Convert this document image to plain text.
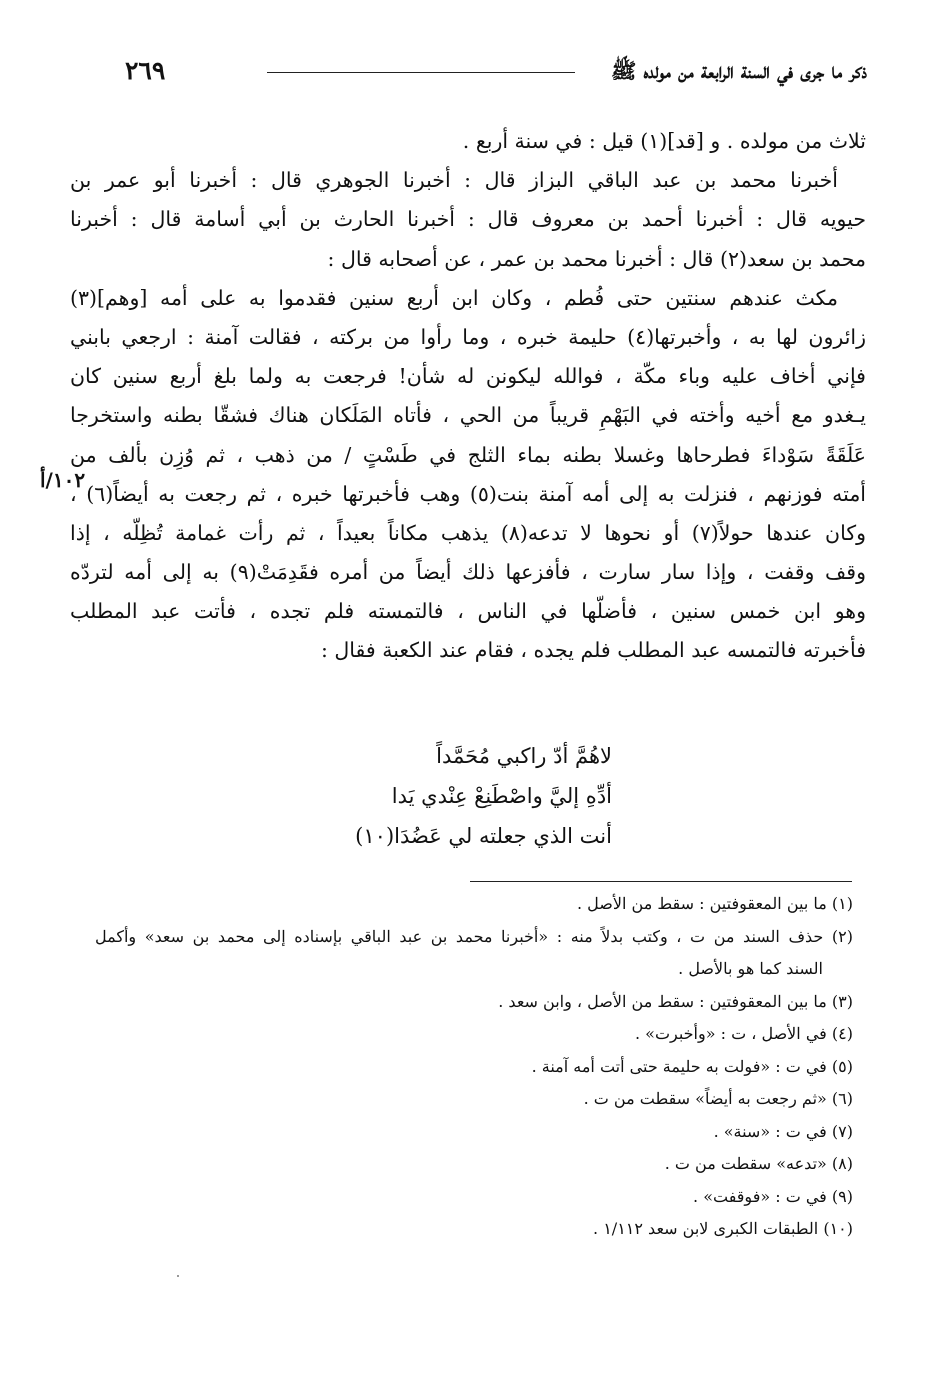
٢٦٩	ذكر ما جرى في السنة الرابعة من مولده ﷺ
ثلاث من مولده . و [قد](١) قيل : في سنة أربع .
أخبرنا محمد بن عبد الباقي البزاز قال : أخبرنا الجوهري قال : أخبرنا أبو عمر بن
حيويه قال : أخبرنا أحمد بن معروف قال : أخبرنا الحارث بن أبي أسامة قال : أخبرنا
محمد بن سعد(٢) قال : أخبرنا محمد بن عمر ، عن أصحابه قال :
مكث عندهم سنتين حتى فُطم ، وكان ابن أربع سنين فقدموا به على أمه [وهم](٣)
زائرون لها به ، وأخبرتها(٤) حليمة خبره ، وما رأوا من بركته ، فقالت آمنة : ارجعي بابني
فإني أخاف عليه وباء مكّة ، فوالله ليكونن له شأن! فرجعت به ولما بلغ أربع سنين كان
يـغدو مع أخيه وأخته في البَهْمِ قريباً من الحي ، فأتاه المَلَكان هناك فشقّا بطنه واستخرجا
عَلَقَةً سَوْداءَ فطرحاها وغسلا بطنه بماء الثلج في طَسْتٍ / من ذهب ، ثم وُزِن بألف من
أمته فوزنهم ، فنزلت به إلى أمه آمنة بنت(٥) وهب فأخبرتها خبره ، ثم رجعت به أيضاً(٦) ،
وكان عندها حولاً(٧) أو نحوها لا تدعه(٨) يذهب مكاناً بعيداً ، ثم رأت غمامة تُظِلّه ، إذا
وقف وقفت ، وإذا سار سارت ، فأفزعها ذلك أيضاً من أمره فقَدِمَتْ(٩) به إلى أمه لتردّه
وهو ابن خمس سنين ، فأضلّها في الناس ، فالتمسته فلم تجده ، فأتت عبد المطلب
فأخبرته فالتمسه عبد المطلب فلم يجده ، فقام عند الكعبة فقال :
١٠٢/أ
لاهُمَّ أدّ راكبي مُحَمَّداً
أدِّهِ إليَّ واصْطَنِعْ عِنْدي يَدا
أنت الذي جعلته لي عَضُدَا(١٠)
(١) ما بين المعقوفتين : سقط من الأصل .
(٢) حذف السند من ت ، وكتب بدلاً منه : «أخبرنا محمد بن عبد الباقي بإسناده إلى محمد بن سعد» وأكمل
السند كما هو بالأصل .
(٣) ما بين المعقوفتين : سقط من الأصل ، وابن سعد .
(٤) في الأصل ، ت : «وأخبرت» .
(٥) في ت : «فولت به حليمة حتى أتت أمه آمنة .
(٦) «ثم رجعت به أيضاً» سقطت من ت .
(٧) في ت : «سنة» .
(٨) «تدعه» سقطت من ت .
(٩) في ت : «فوقفت» .
(١٠) الطبقات الكبرى لابن سعد ١/١١٢ .
